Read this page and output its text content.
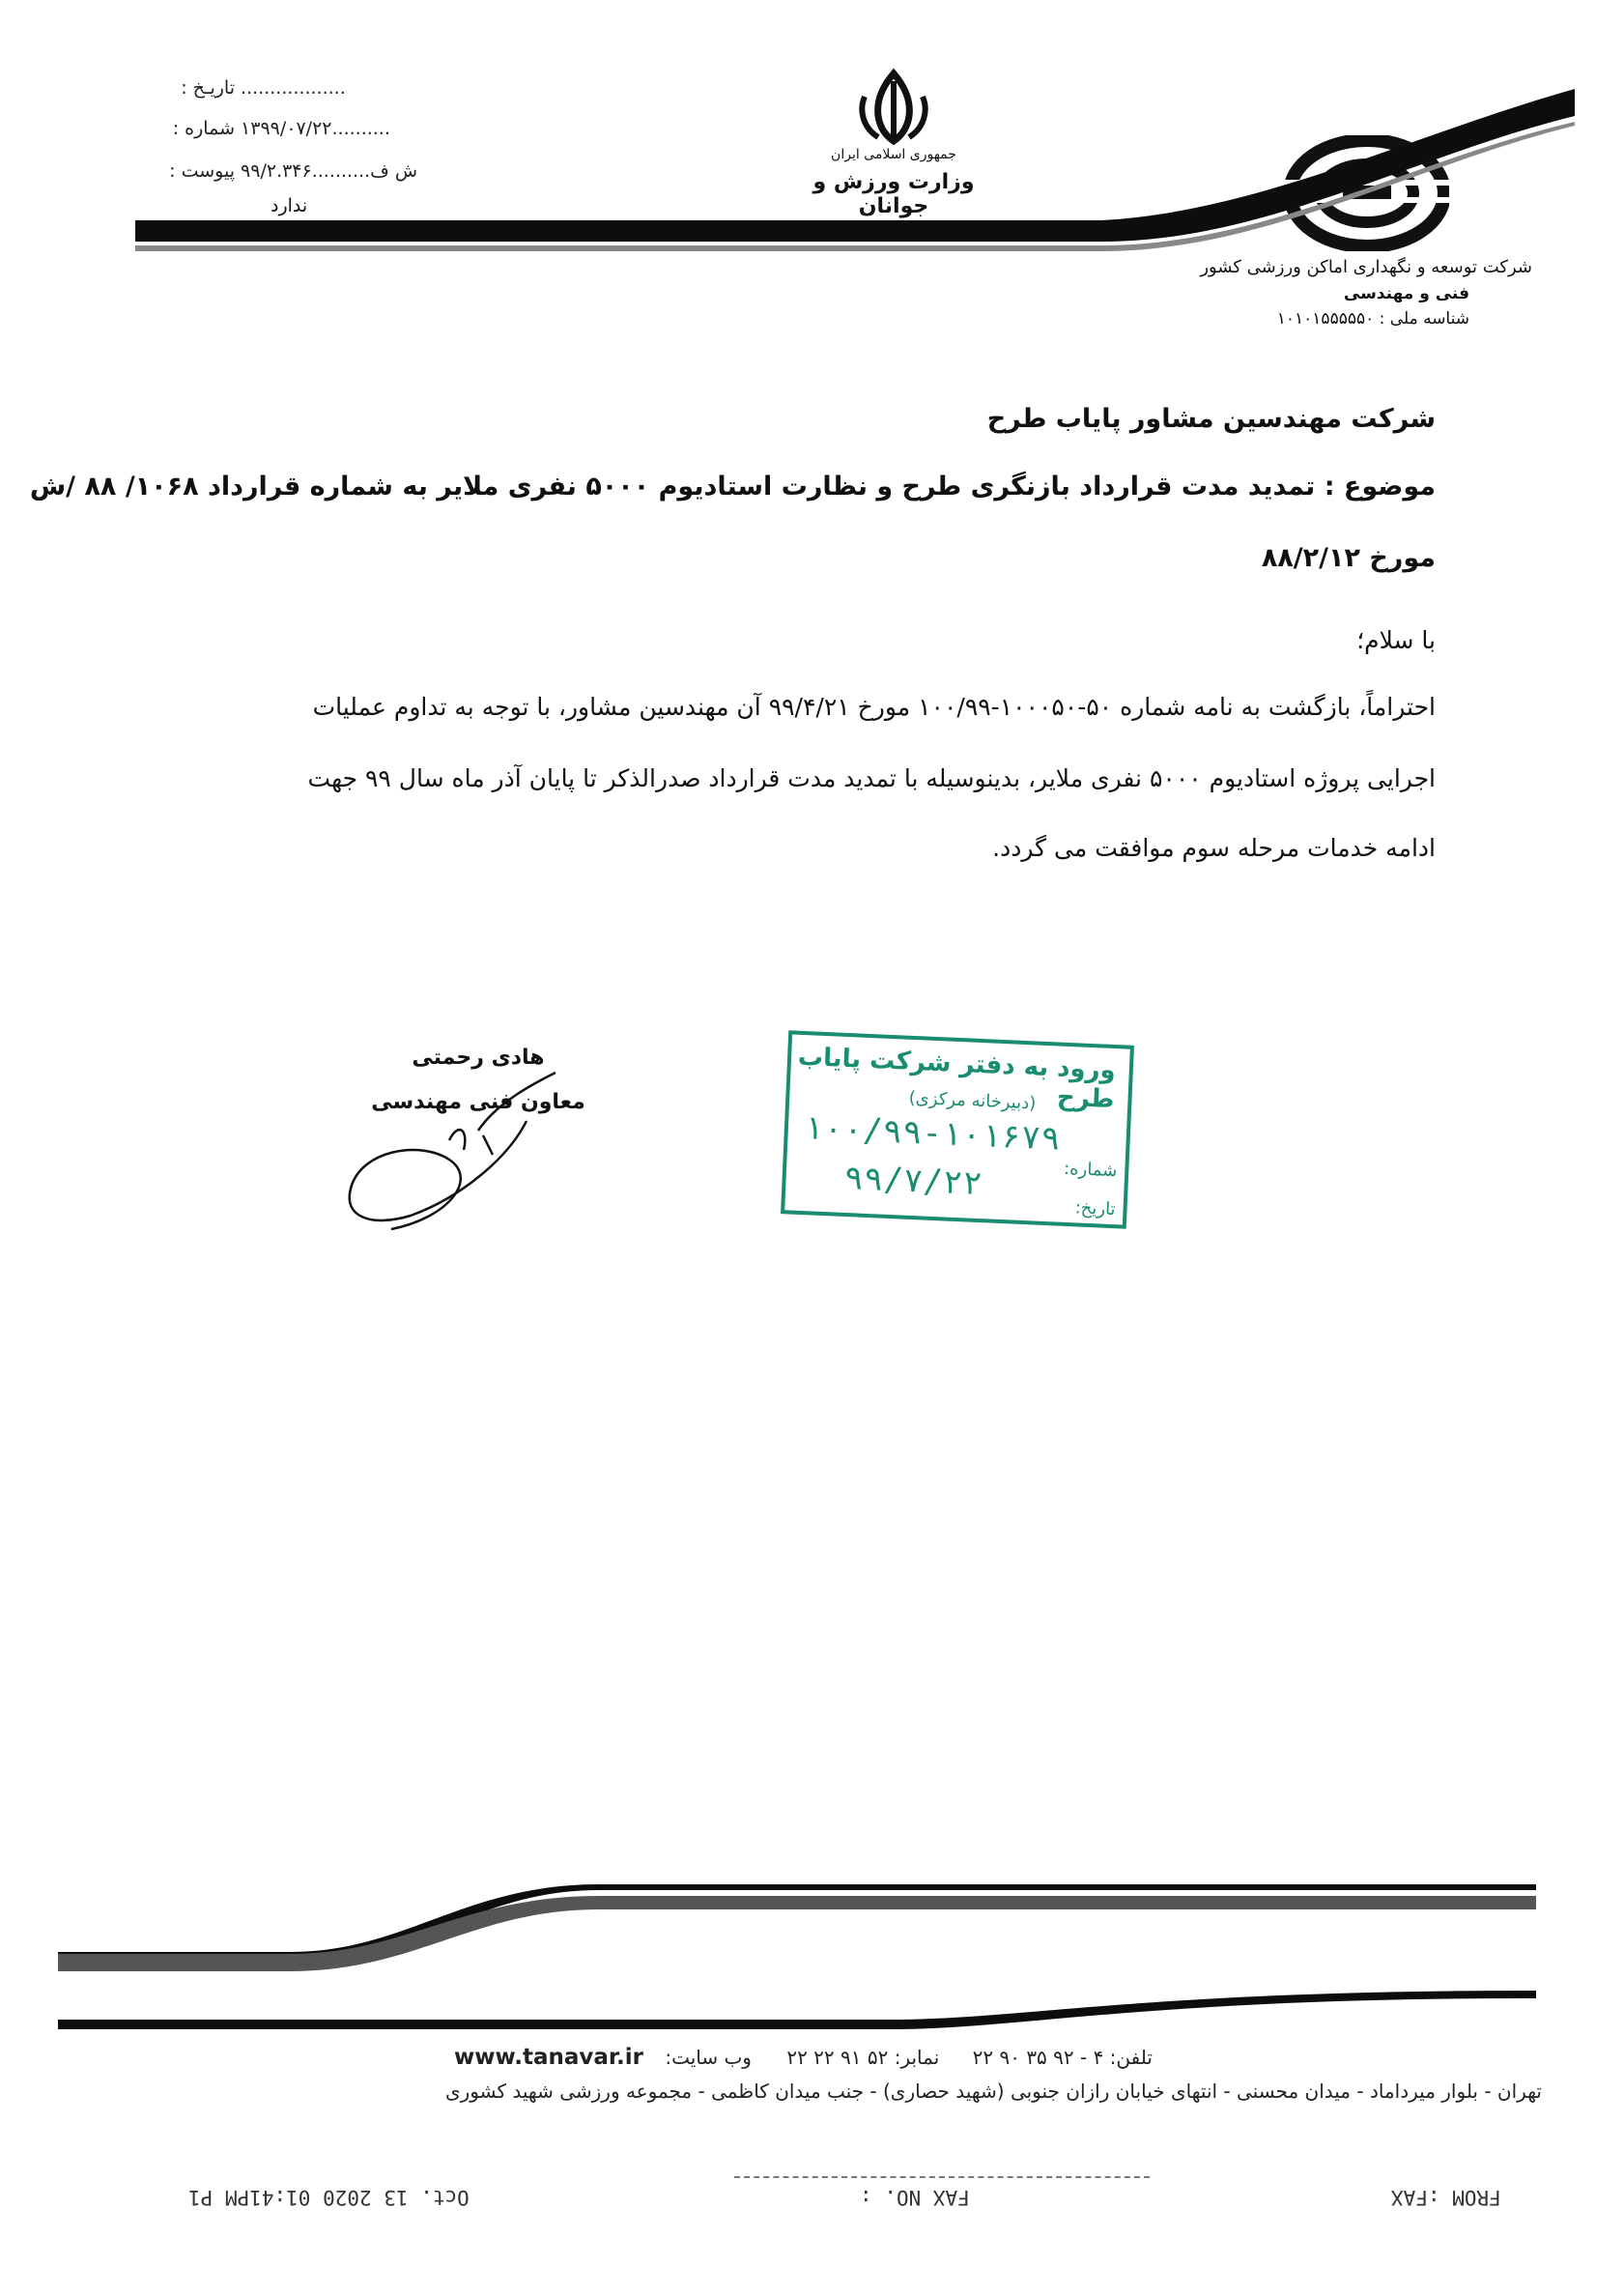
تاریـخ : ..................
شماره : ۱۳۹۹/۰۷/۲۲..........
پیوست : ۹۹/۲.۳۴۶..........ش ف
ندارد
جمهوری اسلامی ایران
وزارت ورزش و جوانان
شرکت توسعه و نگهداری اماکن ورزشی کشور
فنی و مهندسی
شناسه ملی : ۱۰۱۰۱۵۵۵۵۵۰
شرکت مهندسین مشاور پایاب طرح
موضوع : تمدید مدت قرارداد بازنگری طرح و نظارت استادیوم ۵۰۰۰ نفری ملایر به شماره قرارداد ۱۰۶۸/ ۸۸ /ش
مورخ ۸۸/۲/۱۲
با سلام؛
احتراماً، بازگشت به نامه شماره ۵۰-۱۰۰۰۵۰-۱۰۰/۹۹ مورخ ۹۹/۴/۲۱ آن مهندسین مشاور، با توجه به تداوم عملیات
اجرایی پروژه استادیوم ۵۰۰۰ نفری ملایر، بدینوسیله با تمدید مدت قرارداد صدرالذکر تا پایان آذر ماه سال ۹۹ جهت
ادامه خدمات مرحله سوم موافقت می گردد.
هادی رحمتی
معاون فنی مهندسی
ورود به دفتر شرکت پایاب طرح
(دبیرخانه مرکزی)
شماره:
۱۰۰/۹۹-۱۰۱۶۷۹
تاریخ:
۹۹/۷/۲۲
تهران - بلوار میرداماد - میدان محسنی - انتهای خیابان رازان جنوبی (شهید حصاری) - جنب میدان کاظمی - مجموعه ورزشی شهید کشوری
www.tanavar.ir وب سایت: نمابر: ۵۲ ۹۱ ۲۲ ۲۲ تلفن: ۴ - ۹۲ ۳۵ ۹۰ ۲۲
FROM :FAX
FAX NO. :
Oct. 13 2020 01:41PM P1
